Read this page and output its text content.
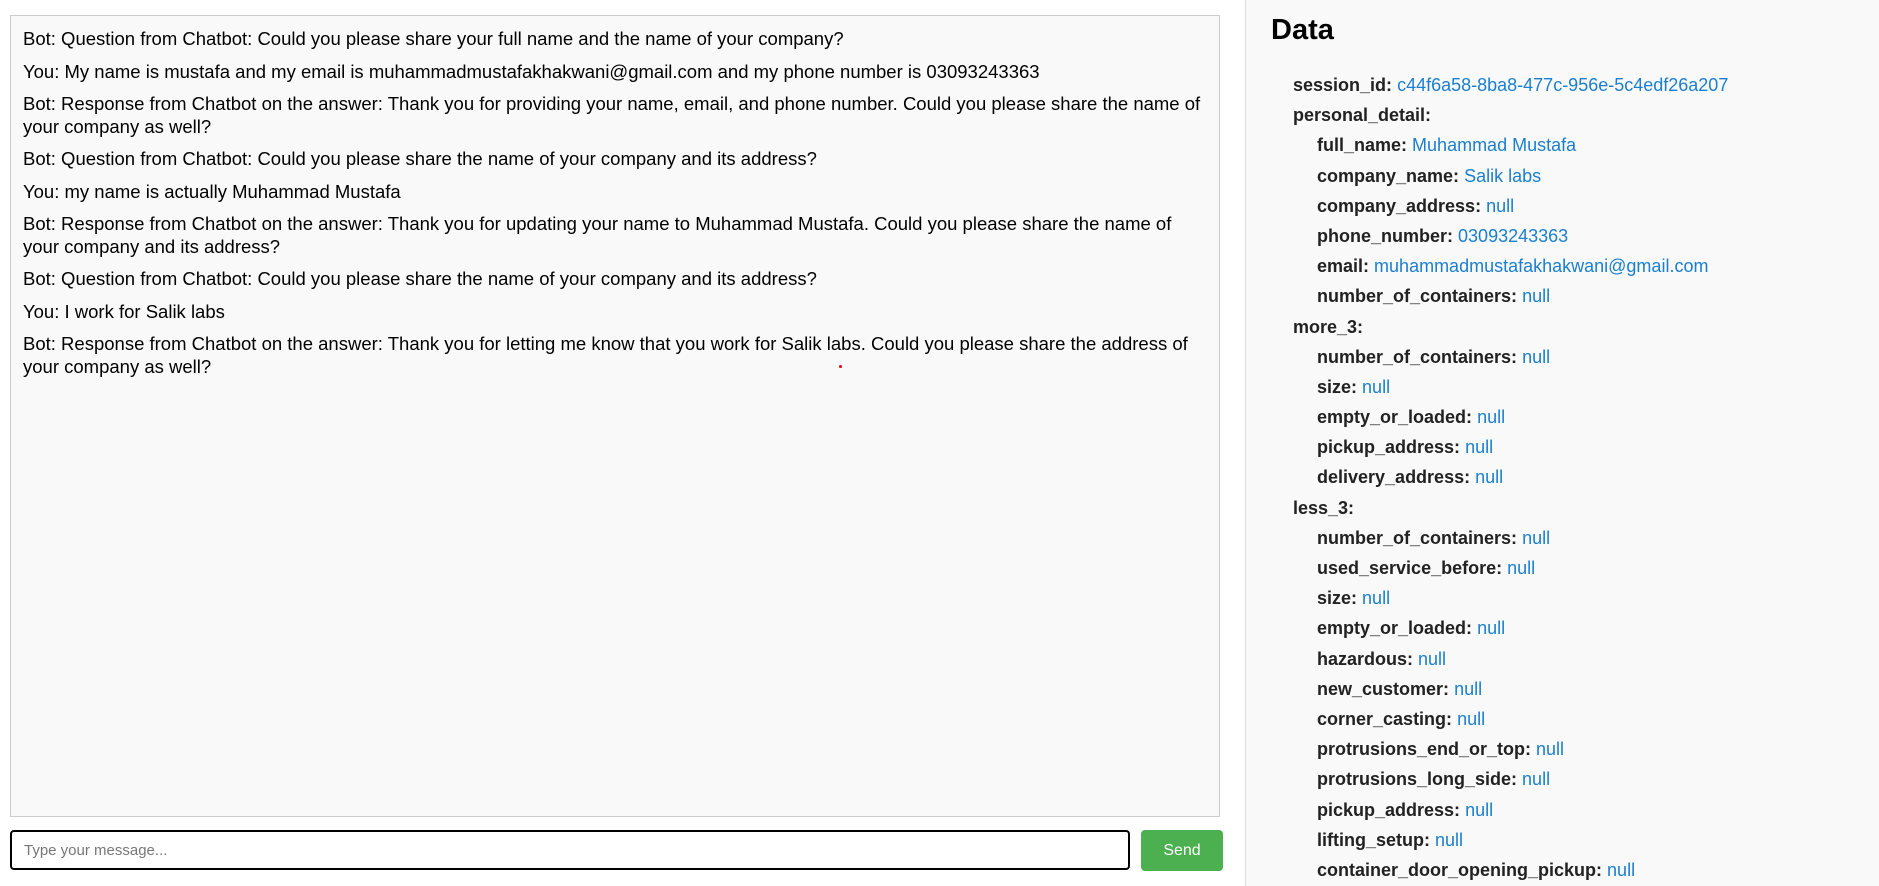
Bot: Question from Chatbot: Could you please share your full name and the name of your company?
You: My name is mustafa and my email is muhammadmustafakhakwani@gmail.com and my phone number is 03093243363
Bot: Response from Chatbot on the answer: Thank you for providing your name, email, and phone number. Could you please share the name of your company as well?
Bot: Question from Chatbot: Could you please share the name of your company and its address?
You: my name is actually Muhammad Mustafa
Bot: Response from Chatbot on the answer: Thank you for updating your name to Muhammad Mustafa. Could you please share the name of your company and its address?
Bot: Question from Chatbot: Could you please share the name of your company and its address?
You: I work for Salik labs
Bot: Response from Chatbot on the answer: Thank you for letting me know that you work for Salik labs. Could you please share the address of your company as well?
Type your message...
Send
Data
session_id: c44f6a58-8ba8-477c-956e-5c4edf26a207
personal_detail:
full_name: Muhammad Mustafa
company_name: Salik labs
company_address: null
phone_number: 03093243363
email: muhammadmustafakhakwani@gmail.com
number_of_containers: null
more_3:
number_of_containers: null
size: null
empty_or_loaded: null
pickup_address: null
delivery_address: null
less_3:
number_of_containers: null
used_service_before: null
size: null
empty_or_loaded: null
hazardous: null
new_customer: null
corner_casting: null
protrusions_end_or_top: null
protrusions_long_side: null
pickup_address: null
lifting_setup: null
container_door_opening_pickup: null
